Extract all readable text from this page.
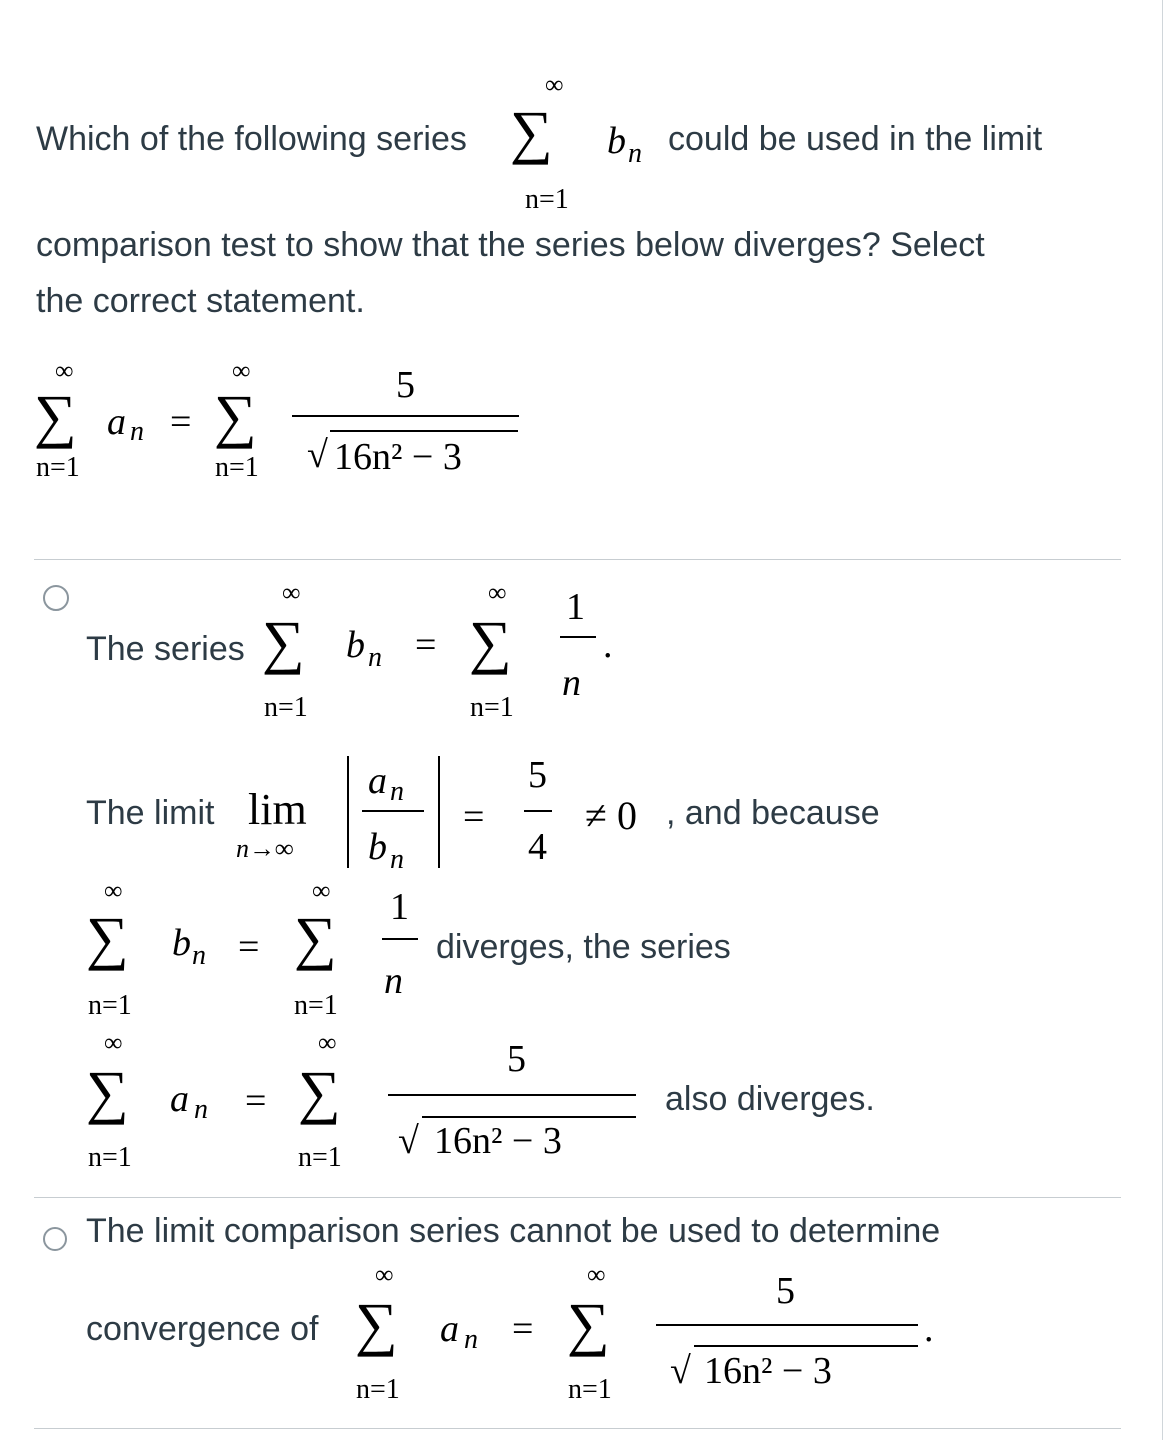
Which of the following series
∞
∑
n=1
b n could be used in the limit
comparison test to show that the series below diverges? Select
the correct statement.
∞
∑
n=1
a n =
∞
∑
n=1
5
√ 16n² − 3
The series
∞
∑
n=1
b n =
∞
∑
n=1
1
n
.
The limit lim
n→∞
a n
b n
=
5
4
≠ 0 , and because
∞
∑
n=1
b n =
∞
∑
n=1
1
n
diverges, the series
∞
∑
n=1
a n =
∞
∑
n=1
5
√ 16n² − 3
also diverges.
The limit comparison series cannot be used to determine
convergence of
∞
∑
n=1
a n =
∞
∑
n=1
5
√ 16n² − 3
.
